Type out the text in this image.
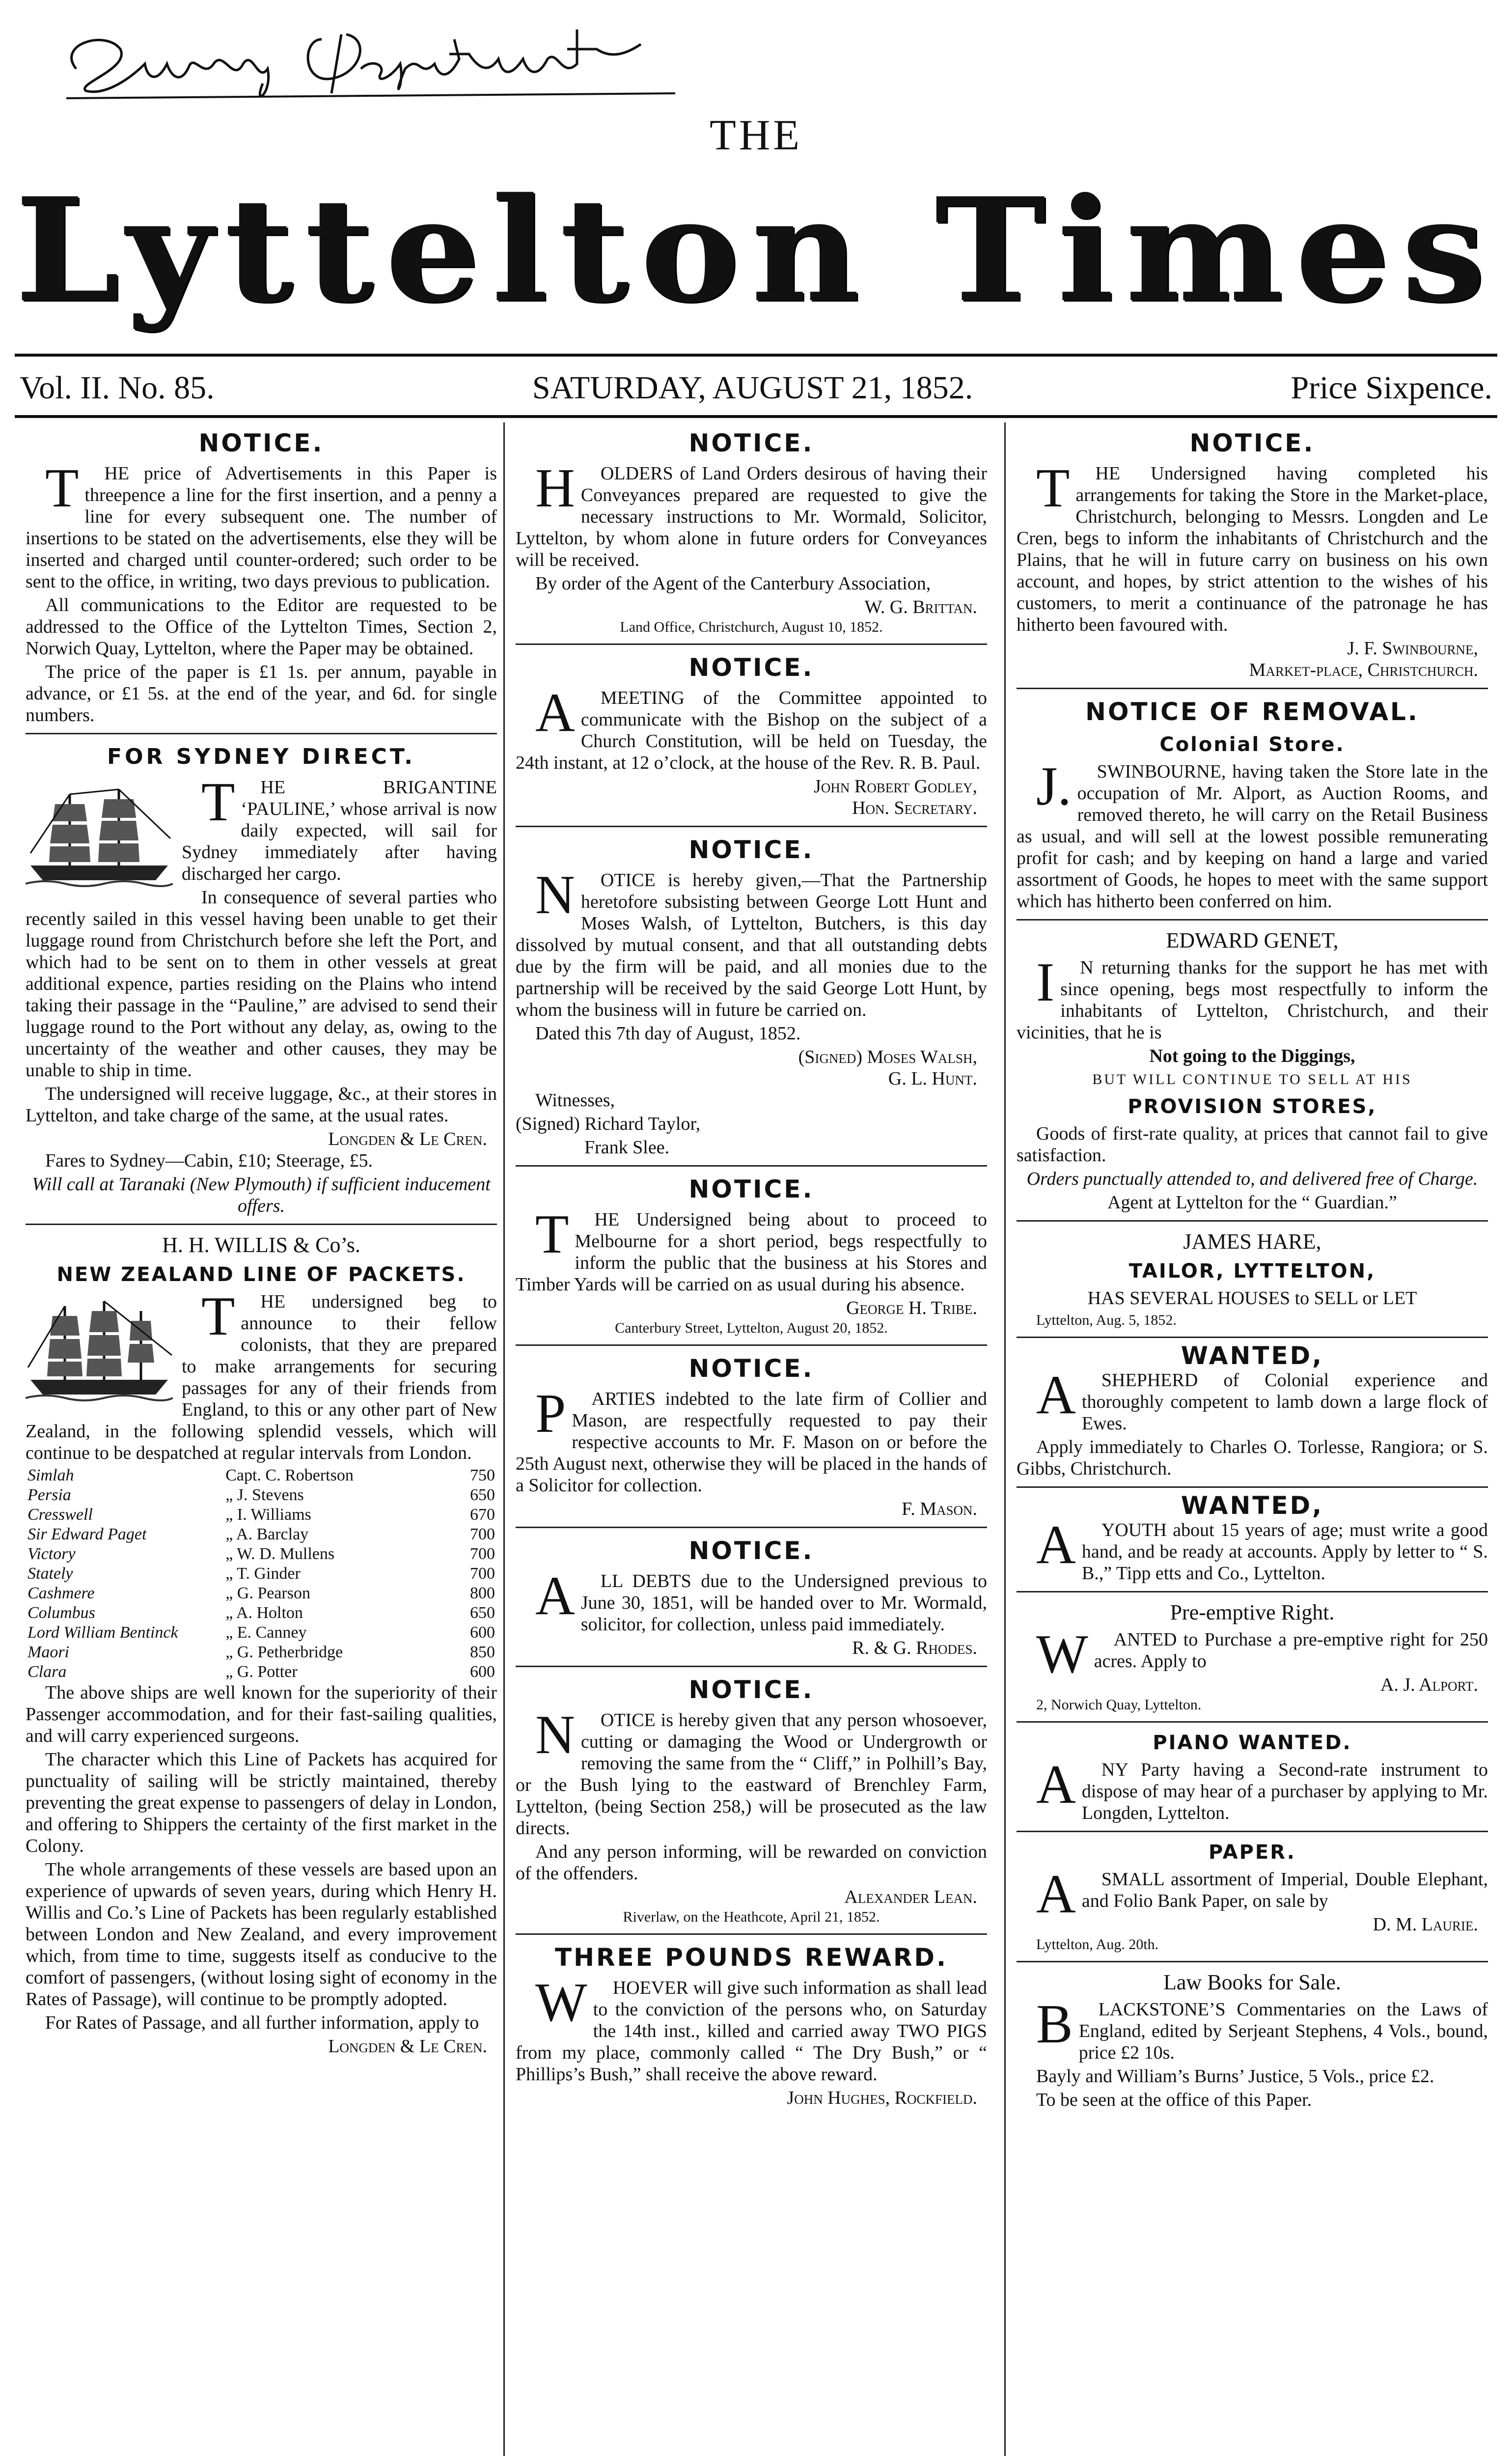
THE
Lyttelton Times
Vol. II. No. 85.	SATURDAY, AUGUST 21, 1852.	Price Sixpence.
NOTICE.

THE price of Advertisements in this Paper is threepence a line for the first insertion, and a penny a line for every subsequent one. The number of insertions to be stated on the advertisements, else they will be inserted and charged until counter-ordered; such order to be sent to the office, in writing, two days previous to publication.

All communications to the Editor are requested to be addressed to the Office of the Lyttelton Times, Section 2, Norwich Quay, Lyttelton, where the Paper may be obtained.

The price of the paper is £1 1s. per annum, payable in advance, or £1 5s. at the end of the year, and 6d. for single numbers.

FOR SYDNEY DIRECT.

THE BRIGANTINE ‘PAULINE,’ whose arrival is now daily expected, will sail for Sydney immediately after having discharged her cargo.

In consequence of several parties who recently sailed in this vessel having been unable to get their luggage round from Christchurch before she left the Port, and which had to be sent on to them in other vessels at great additional expence, parties residing on the Plains who intend taking their passage in the “Pauline,” are advised to send their luggage round to the Port without any delay, as, owing to the uncertainty of the weather and other causes, they may be unable to ship in time.

The undersigned will receive luggage, &c., at their stores in Lyttelton, and take charge of the same, at the usual rates.

Longden & Le Cren.

Fares to Sydney—Cabin, £10; Steerage, £5.

Will call at Taranaki (New Plymouth) if sufficient inducement offers.

H. H. WILLIS & Co’s.
NEW ZEALAND LINE OF PACKETS.

THE undersigned beg to announce to their fellow colonists, that they are prepared to make arrangements for securing passages for any of their friends from England, to this or any other part of New Zealand, in the following splendid vessels, which will continue to be despatched at regular intervals from London.

Simlah	Capt. C. Robertson	750
Persia	„ J. Stevens	650
Cresswell	„ I. Williams	670
Sir Edward Paget	„ A. Barclay	700
Victory	„ W. D. Mullens	700
Stately	„ T. Ginder	700
Cashmere	„ G. Pearson	800
Columbus	„ A. Holton	650
Lord William Bentinck	„ E. Canney	600
Maori	„ G. Petherbridge	850
Clara	„ G. Potter	600

The above ships are well known for the superiority of their Passenger accommodation, and for their fast-sailing qualities, and will carry experienced surgeons.

The character which this Line of Packets has acquired for punctuality of sailing will be strictly maintained, thereby preventing the great expense to passengers of delay in London, and offering to Shippers the certainty of the first market in the Colony.

The whole arrangements of these vessels are based upon an experience of upwards of seven years, during which Henry H. Willis and Co.’s Line of Packets has been regularly established between London and New Zealand, and every improvement which, from time to time, suggests itself as conducive to the comfort of passengers, (without losing sight of economy in the Rates of Passage), will continue to be promptly adopted.

For Rates of Passage, and all further information, apply to

Longden & Le Cren.
NOTICE.

HOLDERS of Land Orders desirous of having their Conveyances prepared are requested to give the necessary instructions to Mr. Wormald, Solicitor, Lyttelton, by whom alone in future orders for Conveyances will be received.

By order of the Agent of the Canterbury Association,

W. G. Brittan.

Land Office, Christchurch, August 10, 1852.

NOTICE.

AMEETING of the Committee appointed to communicate with the Bishop on the subject of a Church Constitution, will be held on Tuesday, the 24th instant, at 12 o’clock, at the house of the Rev. R. B. Paul.

John Robert Godley,
Hon. Secretary.
NOTICE.

NOTICE is hereby given,—That the Partnership heretofore subsisting between George Lott Hunt and Moses Walsh, of Lyttelton, Butchers, is this day dissolved by mutual consent, and that all outstanding debts due by the firm will be paid, and all monies due to the partnership will be received by the said George Lott Hunt, by whom the business will in future be carried on.

Dated this 7th day of August, 1852.

(Signed) Moses Walsh,
G. L. Hunt.

Witnesses,

(Signed) Richard Taylor,

Frank Slee.

NOTICE.

THE Undersigned being about to proceed to Melbourne for a short period, begs respectfully to inform the public that the business at his Stores and Timber Yards will be carried on as usual during his absence.

George H. Tribe.

Canterbury Street, Lyttelton, August 20, 1852.

NOTICE.

PARTIES indebted to the late firm of Collier and Mason, are respectfully requested to pay their respective accounts to Mr. F. Mason on or before the 25th August next, otherwise they will be placed in the hands of a Solicitor for collection.

F. Mason.
NOTICE.

ALL DEBTS due to the Undersigned previous to June 30, 1851, will be handed over to Mr. Wormald, solicitor, for collection, unless paid immediately.

R. & G. Rhodes.
NOTICE.

NOTICE is hereby given that any person whosoever, cutting or damaging the Wood or Undergrowth or removing the same from the “ Cliff,” in Polhill’s Bay, or the Bush lying to the eastward of Brenchley Farm, Lyttelton, (being Section 258,) will be prosecuted as the law directs.

And any person informing, will be rewarded on conviction of the offenders.

Alexander Lean.

Riverlaw, on the Heathcote, April 21, 1852.

THREE POUNDS REWARD.

WHOEVER will give such information as shall lead to the conviction of the persons who, on Saturday the 14th inst., killed and carried away TWO PIGS from my place, commonly called “ The Dry Bush,” or “ Phillips’s Bush,” shall receive the above reward.

John Hughes, Rockfield.
NOTICE.

THE Undersigned having completed his arrangements for taking the Store in the Market-place, Christchurch, belonging to Messrs. Longden and Le Cren, begs to inform the inhabitants of Christchurch and the Plains, that he will in future carry on business on his own account, and hopes, by strict attention to the wishes of his customers, to merit a continuance of the patronage he has hitherto been favoured with.

J. F. Swinbourne,
Market-place, Christchurch.
NOTICE OF REMOVAL.
Colonial Store.

J.SWINBOURNE, having taken the Store late in the occupation of Mr. Alport, as Auction Rooms, and removed thereto, he will carry on the Retail Business as usual, and will sell at the lowest possible remunerating profit for cash; and by keeping on hand a large and varied assortment of Goods, he hopes to meet with the same support which has hitherto been conferred on him.

EDWARD GENET,

IN returning thanks for the support he has met with since opening, begs most respectfully to inform the inhabitants of Lyttelton, Christchurch, and their vicinities, that he is

Not going to the Diggings,

BUT WILL CONTINUE TO SELL AT HIS

PROVISION STORES,

Goods of first-rate quality, at prices that cannot fail to give satisfaction.

Orders punctually attended to, and delivered free of Charge.

Agent at Lyttelton for the “ Guardian.”

JAMES HARE,
TAILOR, LYTTELTON,

HAS SEVERAL HOUSES to SELL or LET

Lyttelton, Aug. 5, 1852.

WANTED,

ASHEPHERD of Colonial experience and thoroughly competent to lamb down a large flock of Ewes.

Apply immediately to Charles O. Torlesse, Rangiora; or S. Gibbs, Christchurch.

WANTED,

AYOUTH about 15 years of age; must write a good hand, and be ready at accounts. Apply by letter to “ S. B.,” Tipp etts and Co., Lyttelton.

Pre-emptive Right.

WANTED to Purchase a pre-emptive right for 250 acres. Apply to

A. J. Alport.

2, Norwich Quay, Lyttelton.

PIANO WANTED.

ANY Party having a Second-rate instrument to dispose of may hear of a purchaser by applying to Mr. Longden, Lyttelton.

PAPER.

ASMALL assortment of Imperial, Double Elephant, and Folio Bank Paper, on sale by

D. M. Laurie.

Lyttelton, Aug. 20th.

Law Books for Sale.

BLACKSTONE’S Commentaries on the Laws of England, edited by Serjeant Stephens, 4 Vols., bound, price £2 10s.

Bayly and William’s Burns’ Justice, 5 Vols., price £2.

To be seen at the office of this Paper.
